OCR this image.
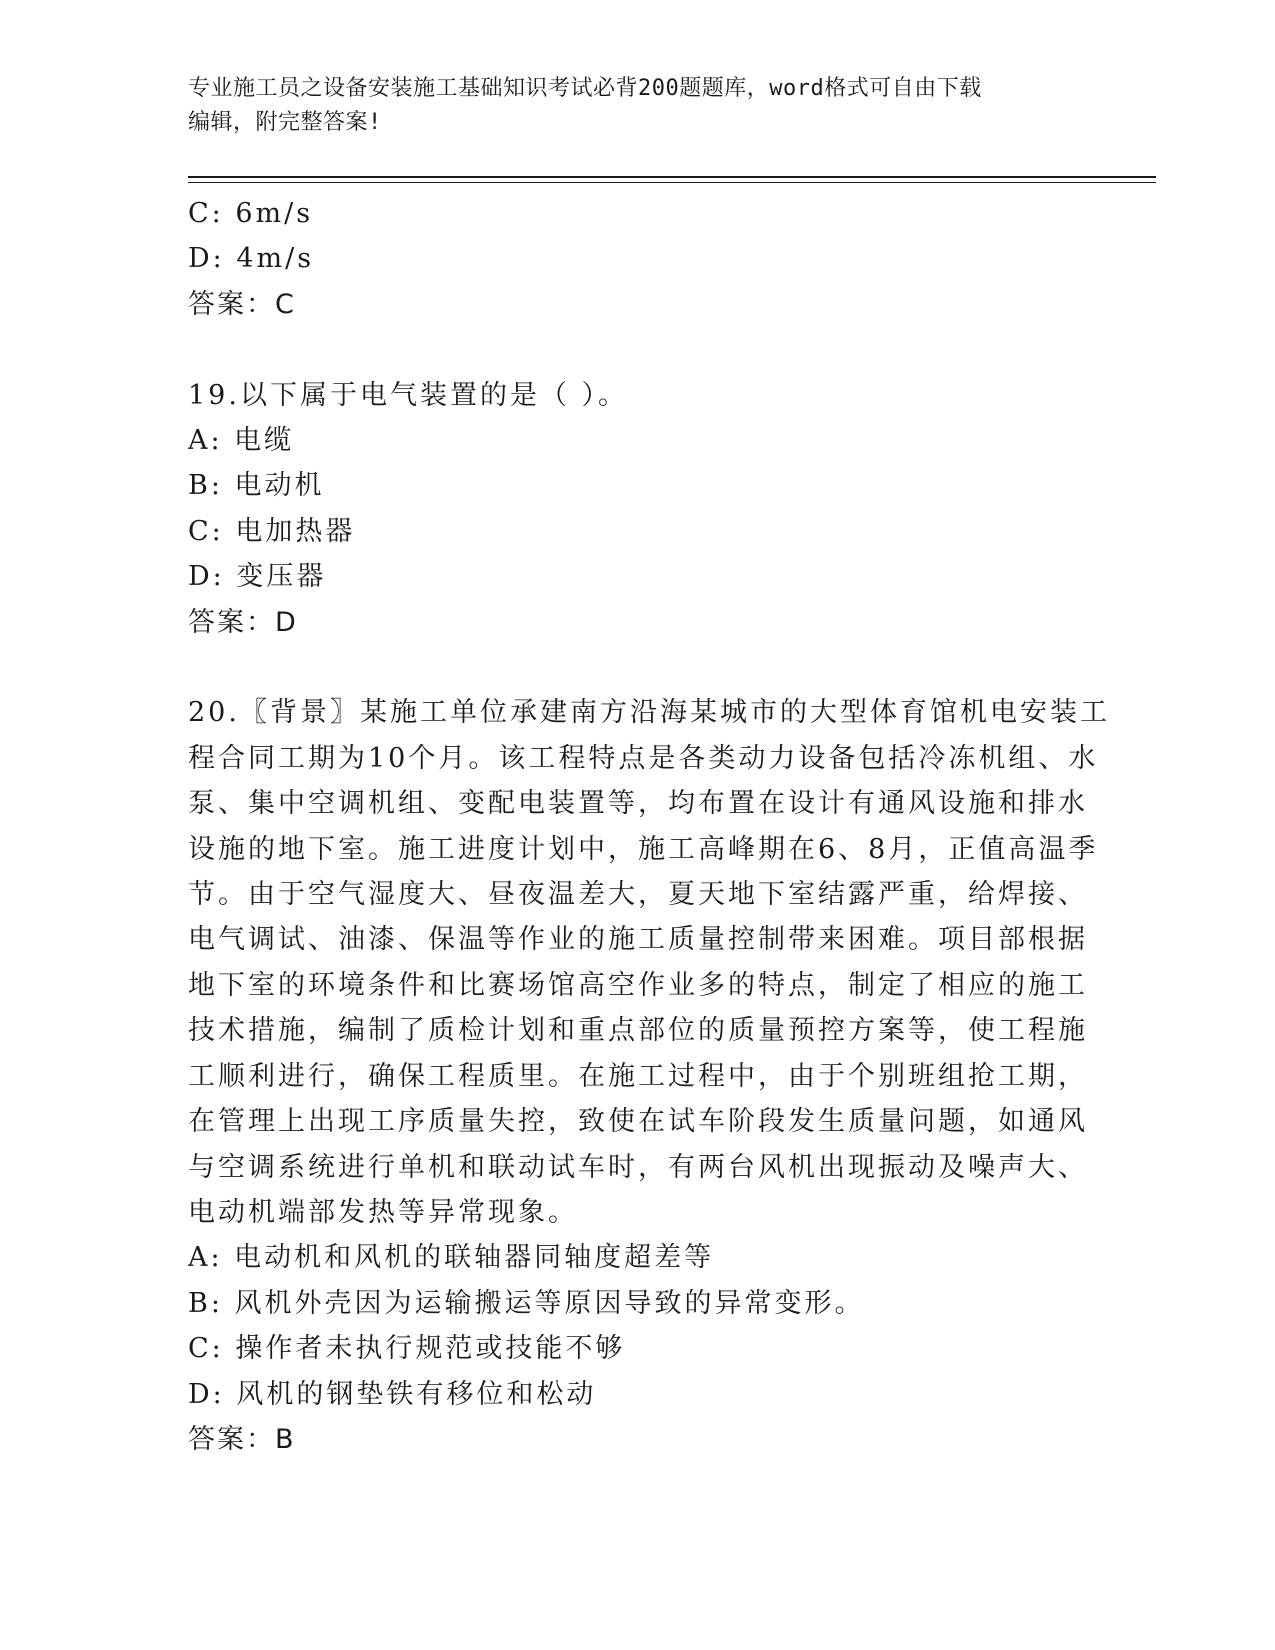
专业施工员之设备安装施工基础知识考试必背200题题库，word格式可自由下载
编辑，附完整答案!
C: 6m/s
D: 4m/s
答案：C
19.以下属于电气装置的是（ ）。
A: 电缆
B: 电动机
C: 电加热器
D: 变压器
答案：D
20.〖背景〗某施工单位承建南方沿海某城市的大型体育馆机电安装工
程合同工期为10个月。该工程特点是各类动力设备包括冷冻机组、水
泵、集中空调机组、变配电装置等，均布置在设计有通风设施和排水
设施的地下室。施工进度计划中，施工高峰期在6、8月，正值高温季
节。由于空气湿度大、昼夜温差大，夏天地下室结露严重，给焊接、
电气调试、油漆、保温等作业的施工质量控制带来困难。项目部根据
地下室的环境条件和比赛场馆高空作业多的特点，制定了相应的施工
技术措施，编制了质检计划和重点部位的质量预控方案等，使工程施
工顺利进行，确保工程质里。在施工过程中，由于个别班组抢工期，
在管理上出现工序质量失控，致使在试车阶段发生质量问题，如通风
与空调系统进行单机和联动试车时，有两台风机出现振动及噪声大、
电动机端部发热等异常现象。
A: 电动机和风机的联轴器同轴度超差等
B: 风机外壳因为运输搬运等原因导致的异常变形。
C: 操作者未执行规范或技能不够
D: 风机的钢垫铁有移位和松动
答案：B
